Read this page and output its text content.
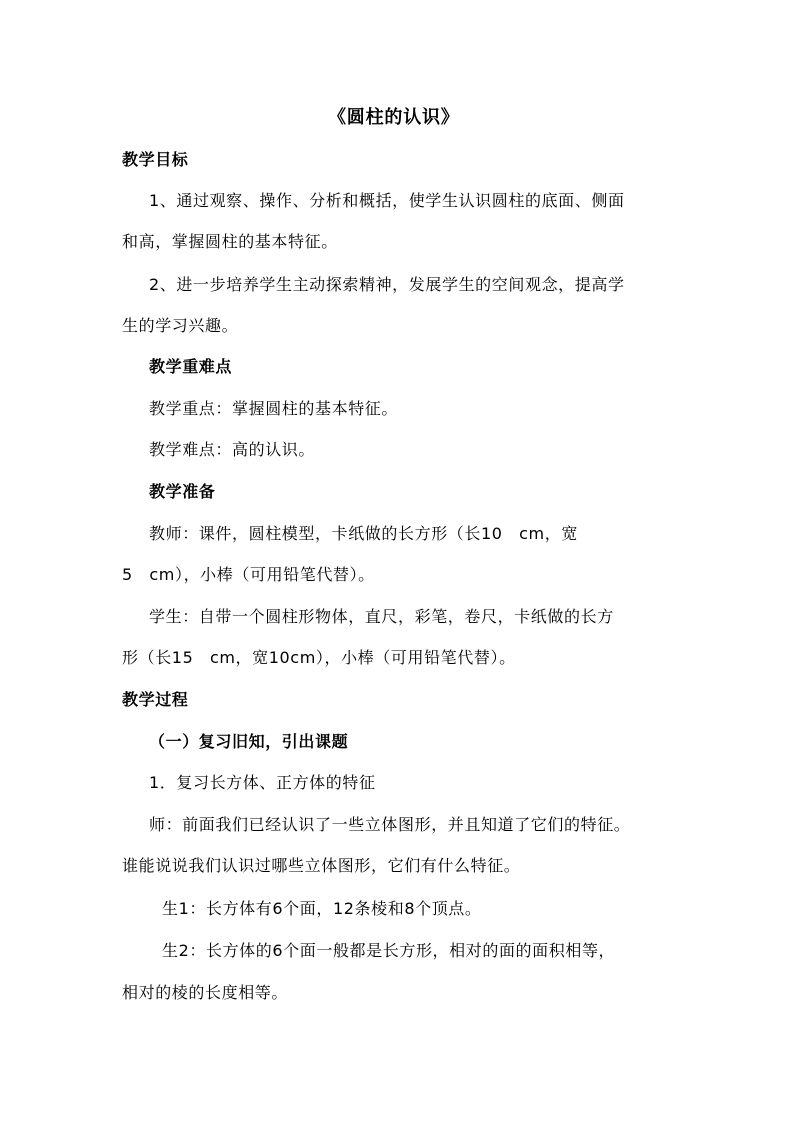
《圆柱的认识》
教学目标
1、通过观察、操作、分析和概括，使学生认识圆柱的底面、侧面
和高，掌握圆柱的基本特征。
2、进一步培养学生主动探索精神，发展学生的空间观念，提高学
生的学习兴趣。
教学重难点
教学重点：掌握圆柱的基本特征。
教学难点：高的认识。
教学准备
教师：课件，圆柱模型，卡纸做的长方形（长10　cm，宽
5　cm），小棒（可用铅笔代替）。
学生：自带一个圆柱形物体，直尺，彩笔，卷尺，卡纸做的长方
形（长15　cm，宽10cm），小棒（可用铅笔代替）。
教学过程
（一）复习旧知，引出课题
1．复习长方体、正方体的特征
师：前面我们已经认识了一些立体图形，并且知道了它们的特征。
谁能说说我们认识过哪些立体图形，它们有什么特征。
生1：长方体有6个面，12条棱和8个顶点。
生2：长方体的6个面一般都是长方形，相对的面的面积相等，
相对的棱的长度相等。
